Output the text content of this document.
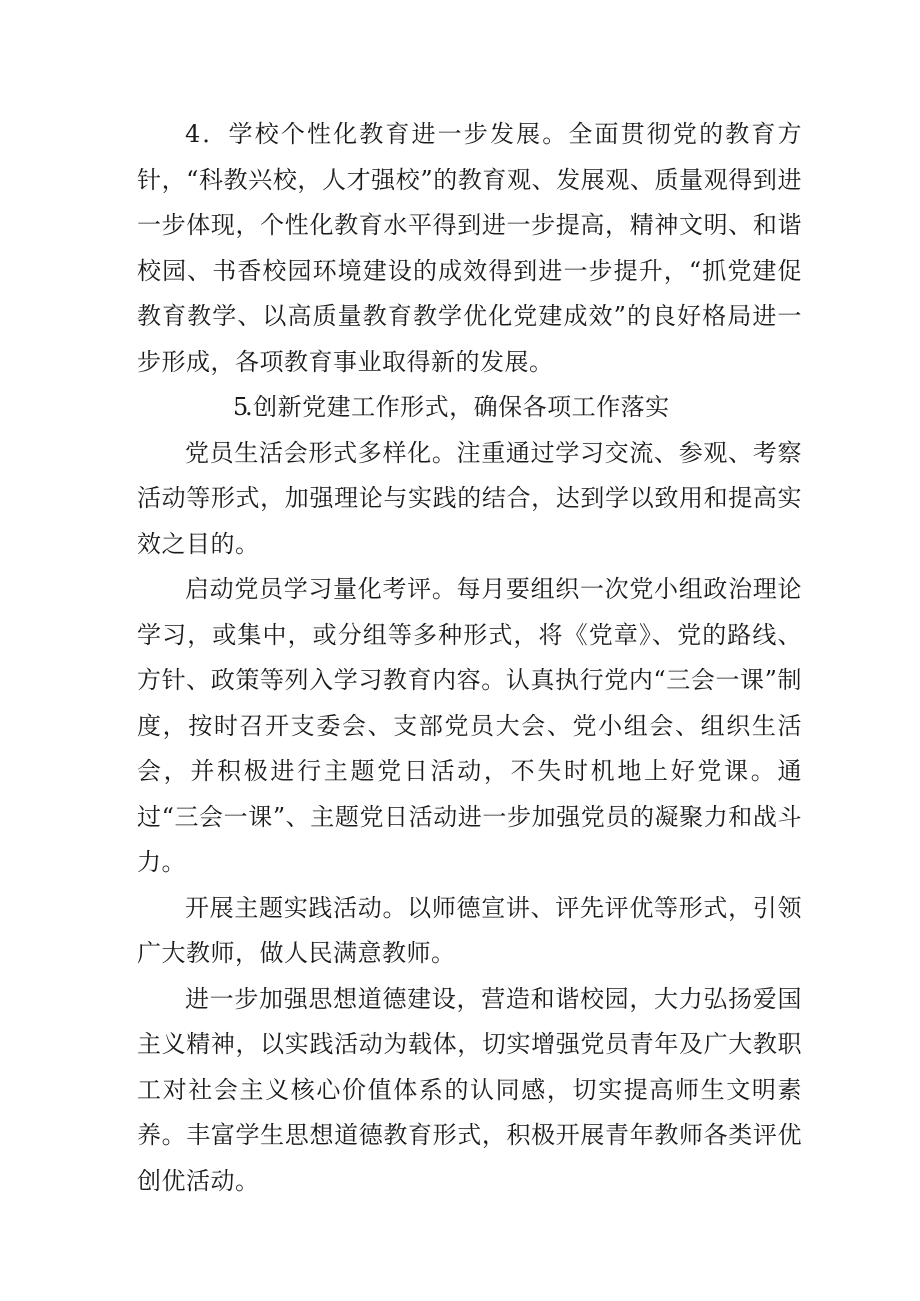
4．学校个性化教育进一步发展。全面贯彻党的教育方针，“科教兴校，人才强校”的教育观、发展观、质量观得到进一步体现，个性化教育水平得到进一步提高，精神文明、和谐校园、书香校园环境建设的成效得到进一步提升，“抓党建促教育教学、以高质量教育教学优化党建成效”的良好格局进一步形成，各项教育事业取得新的发展。

5.创新党建工作形式，确保各项工作落实

党员生活会形式多样化。注重通过学习交流、参观、考察活动等形式，加强理论与实践的结合，达到学以致用和提高实效之目的。

启动党员学习量化考评。每月要组织一次党小组政治理论学习，或集中，或分组等多种形式，将《党章》、党的路线、方针、政策等列入学习教育内容。认真执行党内“三会一课”制度，按时召开支委会、支部党员大会、党小组会、组织生活会，并积极进行主题党日活动，不失时机地上好党课。通过“三会一课”、主题党日活动进一步加强党员的凝聚力和战斗力。

开展主题实践活动。以师德宣讲、评先评优等形式，引领广大教师，做人民满意教师。

进一步加强思想道德建设，营造和谐校园，大力弘扬爱国主义精神，以实践活动为载体，切实增强党员青年及广大教职工对社会主义核心价值体系的认同感，切实提高师生文明素养。丰富学生思想道德教育形式，积极开展青年教师各类评优创优活动。
